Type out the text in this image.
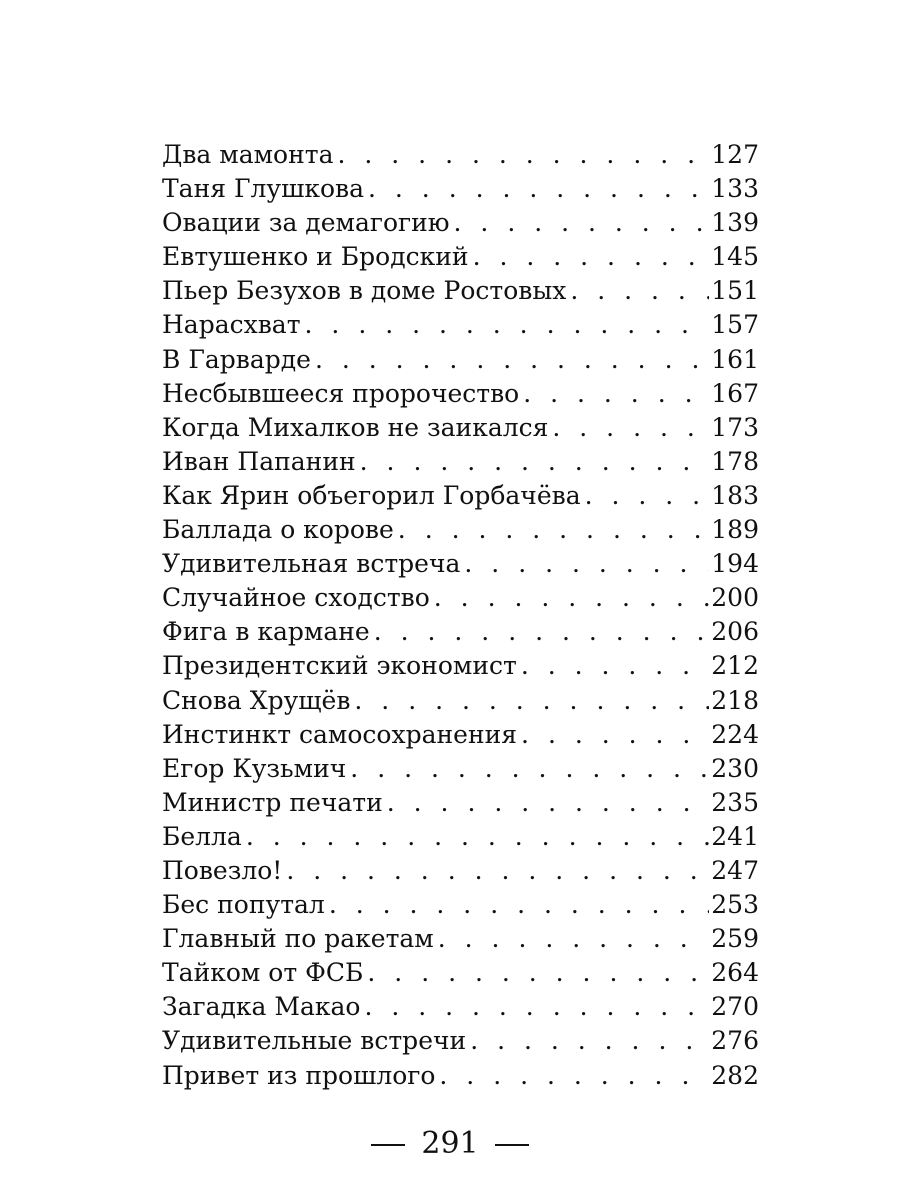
Два мамонта . . .	127
Таня Глушкова . . .	133
Овации за демагогию . . .	139
Евтушенко и Бродский . . .	145
Пьер Безухов в доме Ростовых . . .	151
Нарасхват . . .	157
В Гарварде . . .	161
Несбывшееся пророчество . . .	167
Когда Михалков не заикался . . .	173
Иван Папанин . . .	178
Как Ярин объегорил Горбачёва . . .	183
Баллада о корове . . .	189
Удивительная встреча . . .	194
Случайное сходство . . .	200
Фига в кармане . . .	206
Президентский экономист . . .	212
Снова Хрущёв . . .	218
Инстинкт самосохранения . . .	224
Егор Кузьмич . . .	230
Министр печати . . .	235
Белла . . .	241
Повезло! . . .	247
Бес попутал . . .	253
Главный по ракетам . . .	259
Тайком от ФСБ . . .	264
Загадка Макао . . .	270
Удивительные встречи . . .	276
Привет из прошлого . . .	282
291
